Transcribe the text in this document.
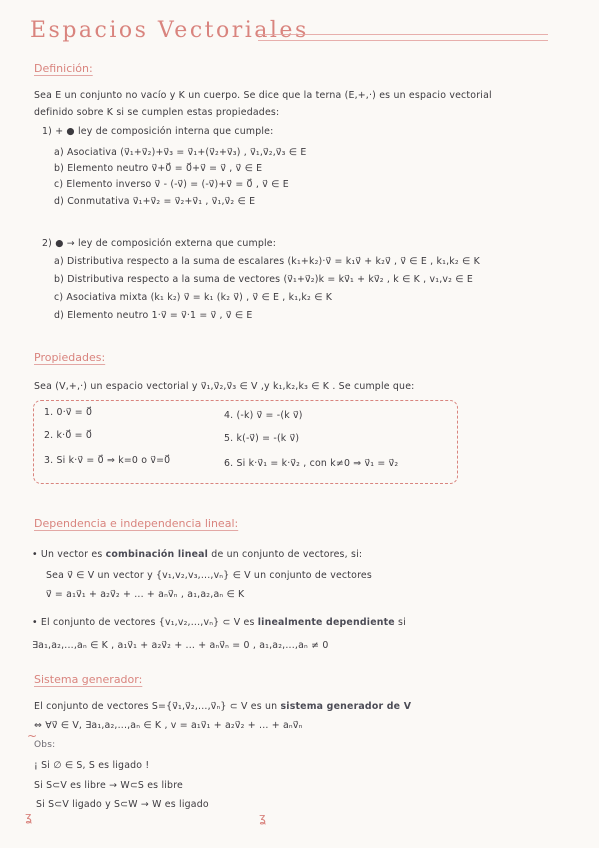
Espacios Vectoriales
Definición:
Sea E un conjunto no vacío y K un cuerpo. Se dice que la terna (E,+,·) es un espacio vectorial
definido sobre K si se cumplen estas propiedades:
1) + ● ley de composición interna que cumple:
a) Asociativa (v⃗₁+v⃗₂)+v⃗₃ = v⃗₁+(v⃗₂+v⃗₃) , v⃗₁,v⃗₂,v⃗₃ ∈ E
b) Elemento neutro v⃗+0⃗ = 0⃗+v⃗ = v⃗ , v⃗ ∈ E
c) Elemento inverso v⃗ - (-v⃗) = (-v⃗)+v⃗ = 0⃗ , v⃗ ∈ E
d) Conmutativa v⃗₁+v⃗₂ = v⃗₂+v⃗₁ , v⃗₁,v⃗₂ ∈ E
2) ● → ley de composición externa que cumple:
a) Distributiva respecto a la suma de escalares (k₁+k₂)·v⃗ = k₁v⃗ + k₂v⃗ , v⃗ ∈ E , k₁,k₂ ∈ K
b) Distributiva respecto a la suma de vectores (v⃗₁+v⃗₂)k = kv⃗₁ + kv⃗₂ , k ∈ K , v₁,v₂ ∈ E
c) Asociativa mixta (k₁ k₂) v⃗ = k₁ (k₂ v⃗) , v⃗ ∈ E , k₁,k₂ ∈ K
d) Elemento neutro 1·v⃗ = v⃗·1 = v⃗ , v⃗ ∈ E
Propiedades:
Sea (V,+,·) un espacio vectorial y v⃗₁,v⃗₂,v⃗₃ ∈ V ,y k₁,k₂,k₃ ∈ K . Se cumple que:
1. 0·v⃗ = 0⃗
2. k·0⃗ = 0⃗
3. Si k·v⃗ = 0⃗ ⇒ k=0 o v⃗=0⃗
4. (-k) v⃗ = -(k v⃗)
5. k(-v⃗) = -(k v⃗)
6. Si k·v⃗₁ = k·v⃗₂ , con k≠0 ⇒ v⃗₁ = v⃗₂
Dependencia e independencia lineal:
• Un vector es combinación lineal de un conjunto de vectores, si:
Sea v⃗ ∈ V un vector y {v₁,v₂,v₃,...,vₙ} ∈ V un conjunto de vectores
v⃗ = a₁v⃗₁ + a₂v⃗₂ + ... + aₙv⃗ₙ , a₁,a₂,aₙ ∈ K
• El conjunto de vectores {v₁,v₂,...,vₙ} ⊂ V es linealmente dependiente si
∃a₁,a₂,...,aₙ ∈ K , a₁v⃗₁ + a₂v⃗₂ + ... + aₙv⃗ₙ = 0 , a₁,a₂,...,aₙ ≠ 0
Sistema generador:
El conjunto de vectores S={v⃗₁,v⃗₂,...,v⃗ₙ} ⊂ V es un sistema generador de V
⇔ ∀v⃗ ∈ V, ∃a₁,a₂,...,aₙ ∈ K , v = a₁v⃗₁ + a₂v⃗₂ + ... + aₙv⃗ₙ
Obs:
¡ Si ∅ ∈ S, S es ligado !
Si S⊂V es libre → W⊂S es libre
Si S⊂V ligado y S⊂W → W es ligado
~
ʓ	ʓ
